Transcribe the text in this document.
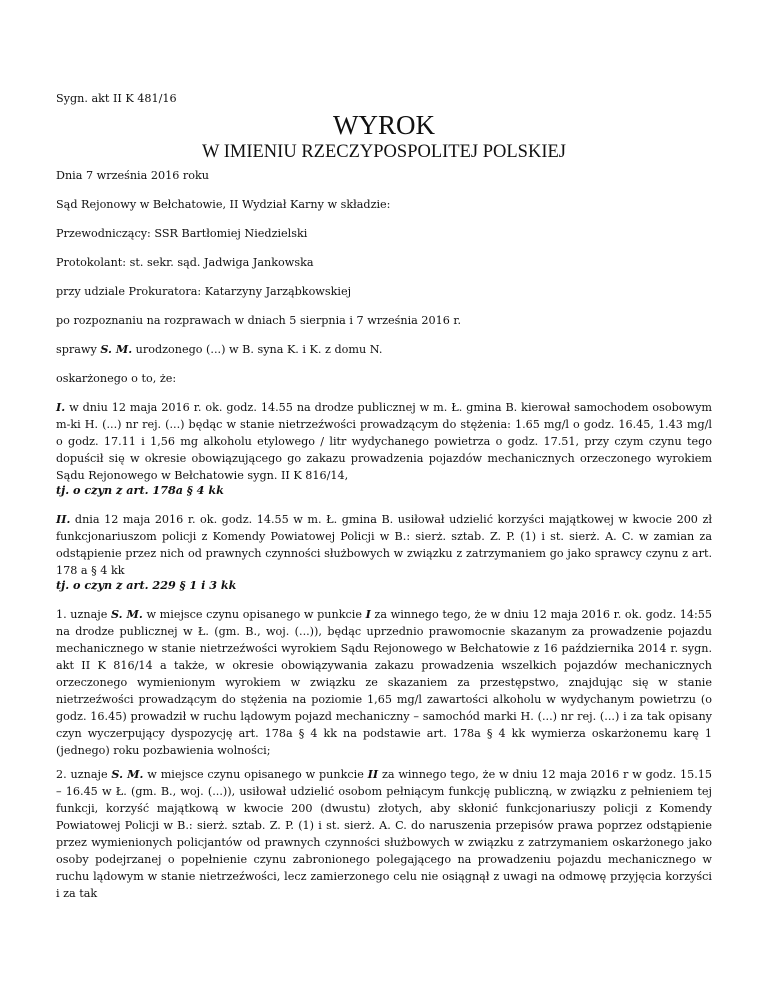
Sygn. akt II K 481/16

WYROK
W IMIENIU RZECZYPOSPOLITEJ POLSKIEJ

Dnia 7 września 2016 roku

Sąd Rejonowy w Bełchatowie, II Wydział Karny w składzie:

Przewodniczący: SSR Bartłomiej Niedzielski

Protokolant: st. sekr. sąd. Jadwiga Jankowska

przy udziale Prokuratora: Katarzyny Jarząbkowskiej

po rozpoznaniu na rozprawach w dniach 5 sierpnia i 7 września 2016 r.

sprawy S. M. urodzonego (...) w B. syna K. i K. z domu N.

oskarżonego o to, że:

I. w dniu 12 maja 2016 r. ok. godz. 14.55 na drodze publicznej w m. Ł. gmina B. kierował samochodem osobowym m-ki H. (...) nr rej. (...) będąc w stanie nietrzeźwości prowadzącym do stężenia: 1.65 mg/l o godz. 16.45, 1.43 mg/l o godz. 17.11 i 1,56 mg alkoholu etylowego / litr wydychanego powietrza o godz. 17.51, przy czym czynu tego dopuścił się w okresie obowiązującego go zakazu prowadzenia pojazdów mechanicznych orzeczonego wyrokiem Sądu Rejonowego w Bełchatowie sygn. II K 816/14,

tj. o czyn z art. 178a § 4 kk

II. dnia 12 maja 2016 r. ok. godz. 14.55 w m. Ł. gmina B. usiłował udzielić korzyści majątkowej w kwocie 200 zł funkcjonariuszom policji z Komendy Powiatowej Policji w B.: sierż. sztab. Z. P. (1) i st. sierż. A. C. w zamian za odstąpienie przez nich od prawnych czynności służbowych w związku z zatrzymaniem go jako sprawcy czynu z art. 178 a § 4 kk

tj. o czyn z art. 229 § 1 i 3 kk

1. uznaje S. M. w miejsce czynu opisanego w punkcie I za winnego tego, że w dniu 12 maja 2016 r. ok. godz. 14:55 na drodze publicznej w Ł. (gm. B., woj. (...)), będąc uprzednio prawomocnie skazanym za prowadzenie pojazdu mechanicznego w stanie nietrzeźwości wyrokiem Sądu Rejonowego w Bełchatowie z 16 października 2014 r. sygn. akt II K 816/14 a także, w okresie obowiązywania zakazu prowadzenia wszelkich pojazdów mechanicznych orzeczonego wymienionym wyrokiem w związku ze skazaniem za przestępstwo, znajdując się w stanie nietrzeźwości prowadzącym do stężenia na poziomie 1,65 mg/l zawartości alkoholu w wydychanym powietrzu (o godz. 16.45) prowadził w ruchu lądowym pojazd mechaniczny – samochód marki H. (...) nr rej. (...) i za tak opisany czyn wyczerpujący dyspozycję art. 178a § 4 kk na podstawie art. 178a § 4 kk wymierza oskarżonemu karę 1 (jednego) roku pozbawienia wolności;

2. uznaje S. M. w miejsce czynu opisanego w punkcie II za winnego tego, że w dniu 12 maja 2016 r w godz. 15.15 – 16.45 w Ł. (gm. B., woj. (...)), usiłował udzielić osobom pełniącym funkcję publiczną, w związku z pełnieniem tej funkcji, korzyść majątkową w kwocie 200 (dwustu) złotych, aby skłonić funkcjonariuszy policji z Komendy Powiatowej Policji w B.: sierż. sztab. Z. P. (1) i st. sierż. A. C. do naruszenia przepisów prawa poprzez odstąpienie przez wymienionych policjantów od prawnych czynności służbowych w związku z zatrzymaniem oskarżonego jako osoby podejrzanej o popełnienie czynu zabronionego polegającego na prowadzeniu pojazdu mechanicznego w ruchu lądowym w stanie nietrzeźwości, lecz zamierzonego celu nie osiągnął z uwagi na odmowę przyjęcia korzyści i za tak
